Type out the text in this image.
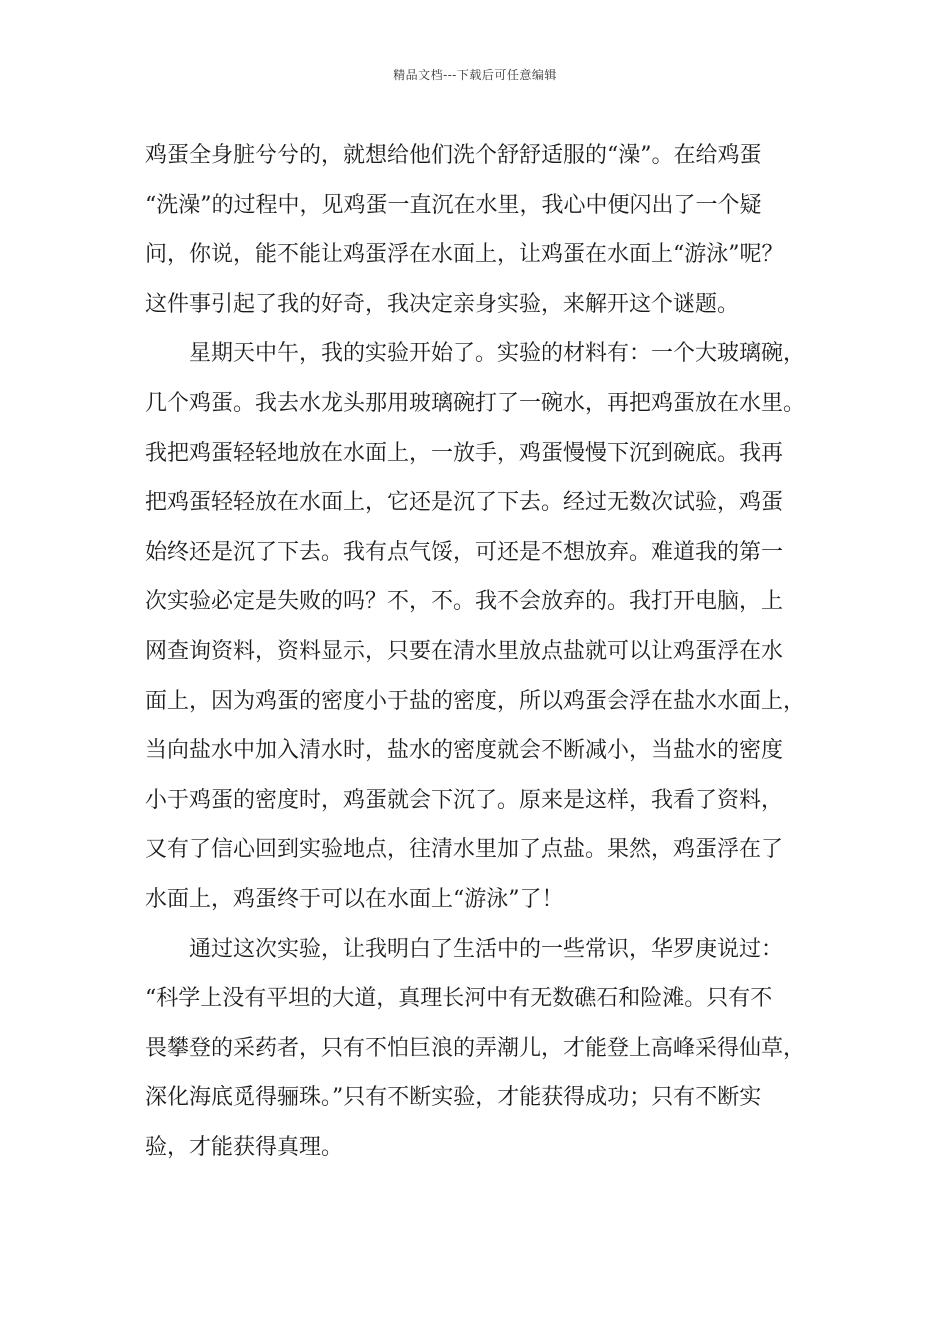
精品文档---下载后可任意编辑
鸡蛋全身脏兮兮的，就想给他们洗个舒舒适服的“澡”。在给鸡蛋
“洗澡”的过程中，见鸡蛋一直沉在水里，我心中便闪出了一个疑
问，你说，能不能让鸡蛋浮在水面上，让鸡蛋在水面上“游泳”呢？
这件事引起了我的好奇，我决定亲身实验，来解开这个谜题。
星期天中午，我的实验开始了。实验的材料有：一个大玻璃碗，
几个鸡蛋。我去水龙头那用玻璃碗打了一碗水，再把鸡蛋放在水里。
我把鸡蛋轻轻地放在水面上，一放手，鸡蛋慢慢下沉到碗底。我再
把鸡蛋轻轻放在水面上，它还是沉了下去。经过无数次试验，鸡蛋
始终还是沉了下去。我有点气馁，可还是不想放弃。难道我的第一
次实验必定是失败的吗？不，不。我不会放弃的。我打开电脑，上
网查询资料，资料显示，只要在清水里放点盐就可以让鸡蛋浮在水
面上，因为鸡蛋的密度小于盐的密度，所以鸡蛋会浮在盐水水面上，
当向盐水中加入清水时，盐水的密度就会不断减小，当盐水的密度
小于鸡蛋的密度时，鸡蛋就会下沉了。原来是这样，我看了资料，
又有了信心回到实验地点，往清水里加了点盐。果然，鸡蛋浮在了
水面上，鸡蛋终于可以在水面上“游泳”了！
通过这次实验，让我明白了生活中的一些常识，华罗庚说过：
“科学上没有平坦的大道，真理长河中有无数礁石和险滩。只有不
畏攀登的采药者，只有不怕巨浪的弄潮儿，才能登上高峰采得仙草，
深化海底觅得骊珠。”只有不断实验，才能获得成功；只有不断实
验，才能获得真理。
